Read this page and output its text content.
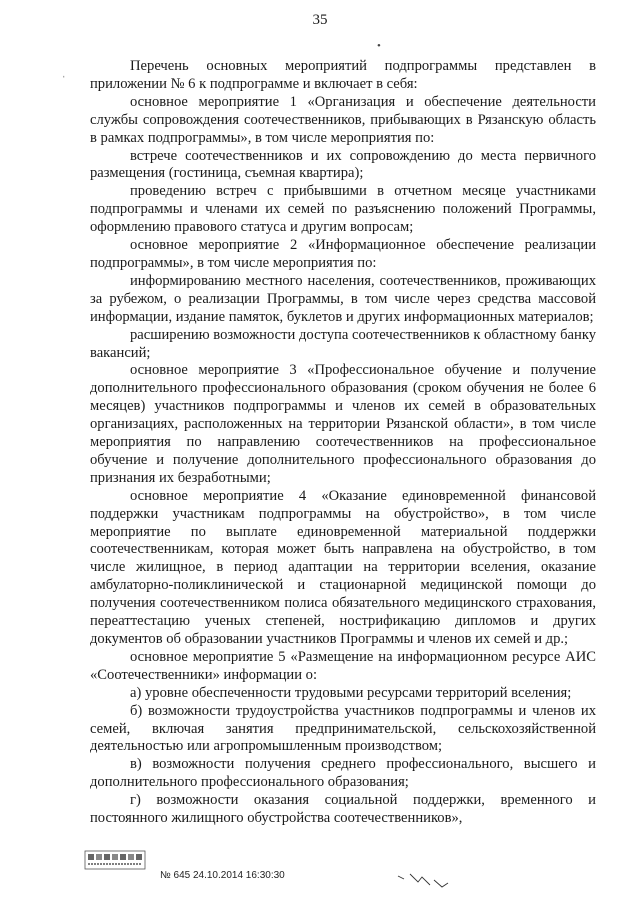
35
•
ˌ	Перечень основных мероприятий подпрограммы представлен в приложении № 6 к подпрограмме и включает в себя:

основное мероприятие 1 «Организация и обеспечение деятельности службы сопровождения соотечественников, прибывающих в Рязанскую область в рамках подпрограммы», в том числе мероприятия по:

встрече соотечественников и их сопровождению до места первичного размещения (гостиница, съемная квартира);

проведению встреч с прибывшими в отчетном месяце участниками подпрограммы и членами их семей по разъяснению положений Программы, оформлению правового статуса и другим вопросам;

основное мероприятие 2 «Информационное обеспечение реализации подпрограммы», в том числе мероприятия по:

информированию местного населения, соотечественников, проживающих за рубежом, о реализации Программы, в том числе через средства массовой информации, издание памяток, буклетов и других информационных материалов;

расширению возможности доступа соотечественников к областному банку вакансий;

основное мероприятие 3 «Профессиональное обучение и получение дополнительного профессионального образования (сроком обучения не более 6 месяцев) участников подпрограммы и членов их семей в образовательных организациях, расположенных на территории Рязанской области», в том числе мероприятия по направлению соотечественников на профессиональное обучение и получение дополнительного профессионального образования до признания их безработными;

основное мероприятие 4 «Оказание единовременной финансовой поддержки участникам подпрограммы на обустройство», в том числе мероприятие по выплате единовременной материальной поддержки соотечественникам, которая может быть направлена на обустройство, в том числе жилищное, в период адаптации на территории вселения, оказание амбулаторно-поликлинической и стационарной медицинской помощи до получения соотечественником полиса обязательного медицинского страхования, переаттестацию ученых степеней, нострификацию дипломов и других документов об образовании участников Программы и членов их семей и др.;

основное мероприятие 5 «Размещение на информационном ресурсе АИС «Соотечественники» информации о:

а) уровне обеспеченности трудовыми ресурсами территорий вселения;

б) возможности трудоустройства участников подпрограммы и членов их семей, включая занятия предпринимательской, сельскохозяйственной деятельностью или агропромышленным производством;

в) возможности получения среднего профессионального, высшего и дополнительного профессионального образования;

г) возможности оказания социальной поддержки, временного и постоянного жилищного обустройства соотечественников»,

№ 645 24.10.2014 16:30:30
